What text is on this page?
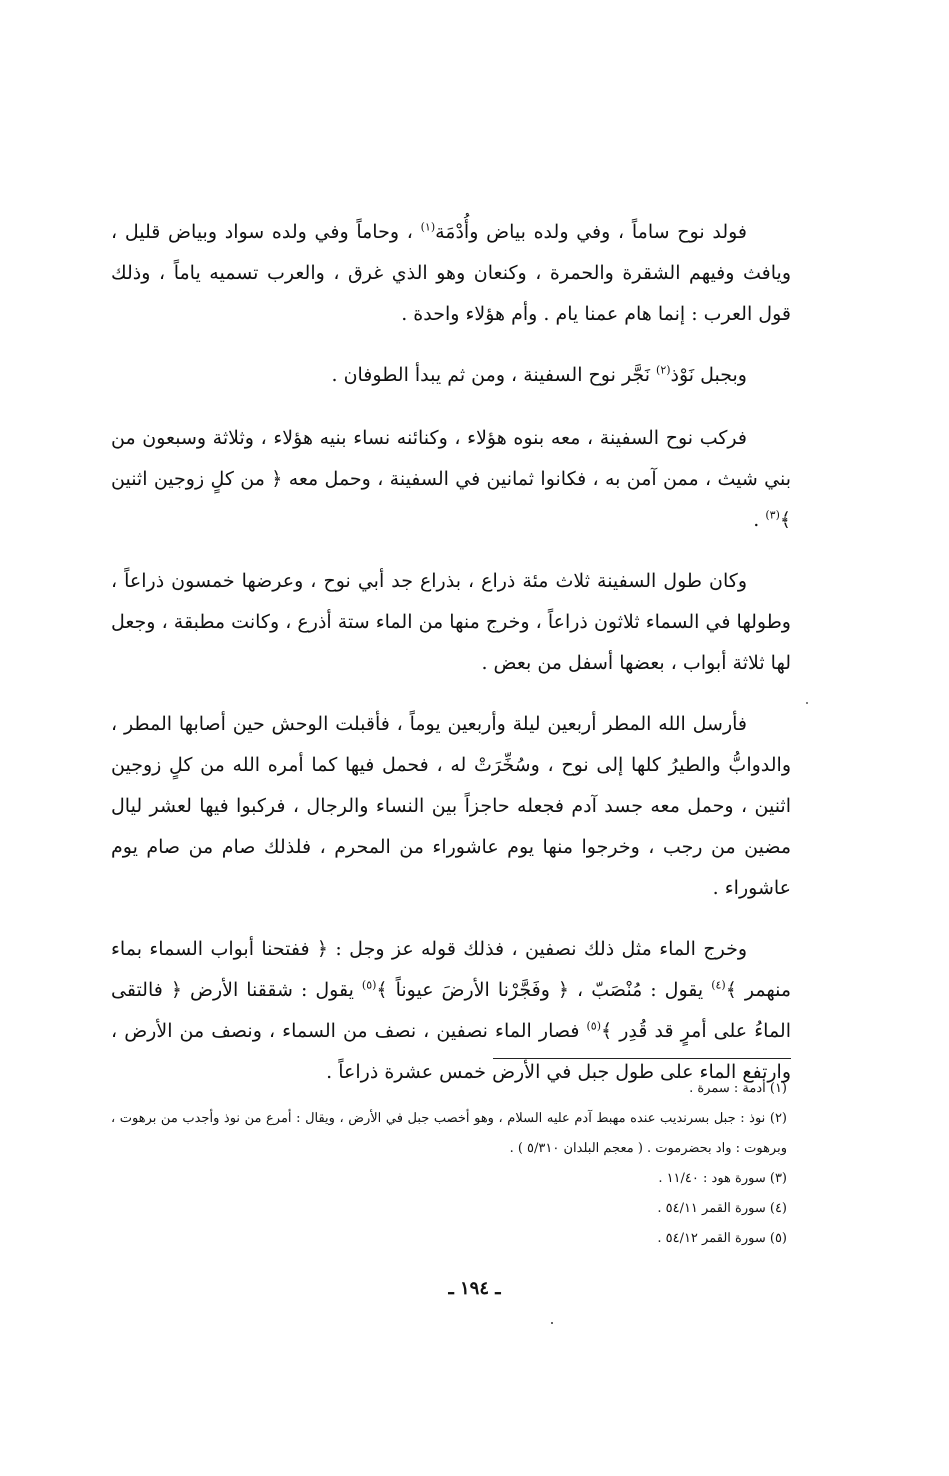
فولد نوح ساماً ، وفي ولده بياض وأُدْمَة$^{(١)}$ ، وحاماً وفي ولده سواد وبياض قليل ، ويافث وفيهم الشقرة والحمرة ، وكنعان وهو الذي غرق ، والعرب تسميه ياماً ، وذلك قول العرب : إنما هام عمنا يام . وأم هؤلاء واحدة .

وبجبل نَوْذ$^{(٢)}$ نَجَّر نوح السفينة ، ومن ثم يبدأ الطوفان .

فركب نوح السفينة ، معه بنوه هؤلاء ، وكنائنه نساء بنيه هؤلاء ، وثلاثة وسبعون من بني شيث ، ممن آمن به ، فكانوا ثمانين في السفينة ، وحمل معه ﴿ من كلٍ زوجين اثنين ﴾$^{(٣)}$ .

وكان طول السفينة ثلاث مئة ذراع ، بذراع جد أبي نوح ، وعرضها خمسون ذراعاً ، وطولها في السماء ثلاثون ذراعاً ، وخرج منها من الماء ستة أذرع ، وكانت مطبقة ، وجعل لها ثلاثة أبواب ، بعضها أسفل من بعض .

فأرسل الله المطر أربعين ليلة وأربعين يوماً ، فأقبلت الوحش حين أصابها المطر ، والدوابُّ والطيرُ كلها إلى نوح ، وسُخِّرَتْ له ، فحمل فيها كما أمره الله من كلٍ زوجين اثنين ، وحمل معه جسد آدم فجعله حاجزاً بين النساء والرجال ، فركبوا فيها لعشر ليال مضين من رجب ، وخرجوا منها يوم عاشوراء من المحرم ، فلذلك صام من صام يوم عاشوراء .

وخرج الماء مثل ذلك نصفين ، فذلك قوله عز وجل : ﴿ ففتحنا أبواب السماء بماء منهمر ﴾$^{(٤)}$ يقول : مُنْصَبّ ، ﴿ وفَجَّرْنا الأرضَ عيوناً ﴾$^{(٥)}$ يقول : شققنا الأرض ﴿ فالتقى الماءُ على أمرٍ قد قُدِر ﴾$^{(٥)}$ فصار الماء نصفين ، نصف من السماء ، ونصف من الأرض ، وارتفع الماء على طول جبل في الأرض خمس عشرة ذراعاً .

(١) أدمة : سمرة .

(٢) نوذ : جبل بسرنديب عنده مهبط آدم عليه السلام ، وهو أخصب جبل في الأرض ، ويقال : أمرع من نوذ وأجدب من برهوت ، وبرهوت : واد بحضرموت . ( معجم البلدان ٥/٣١٠ ) .

(٣) سورة هود : ١١/٤٠ .

(٤) سورة القمر ٥٤/١١ .

(٥) سورة القمر ٥٤/١٢ .

ـ ١٩٤ ـ
